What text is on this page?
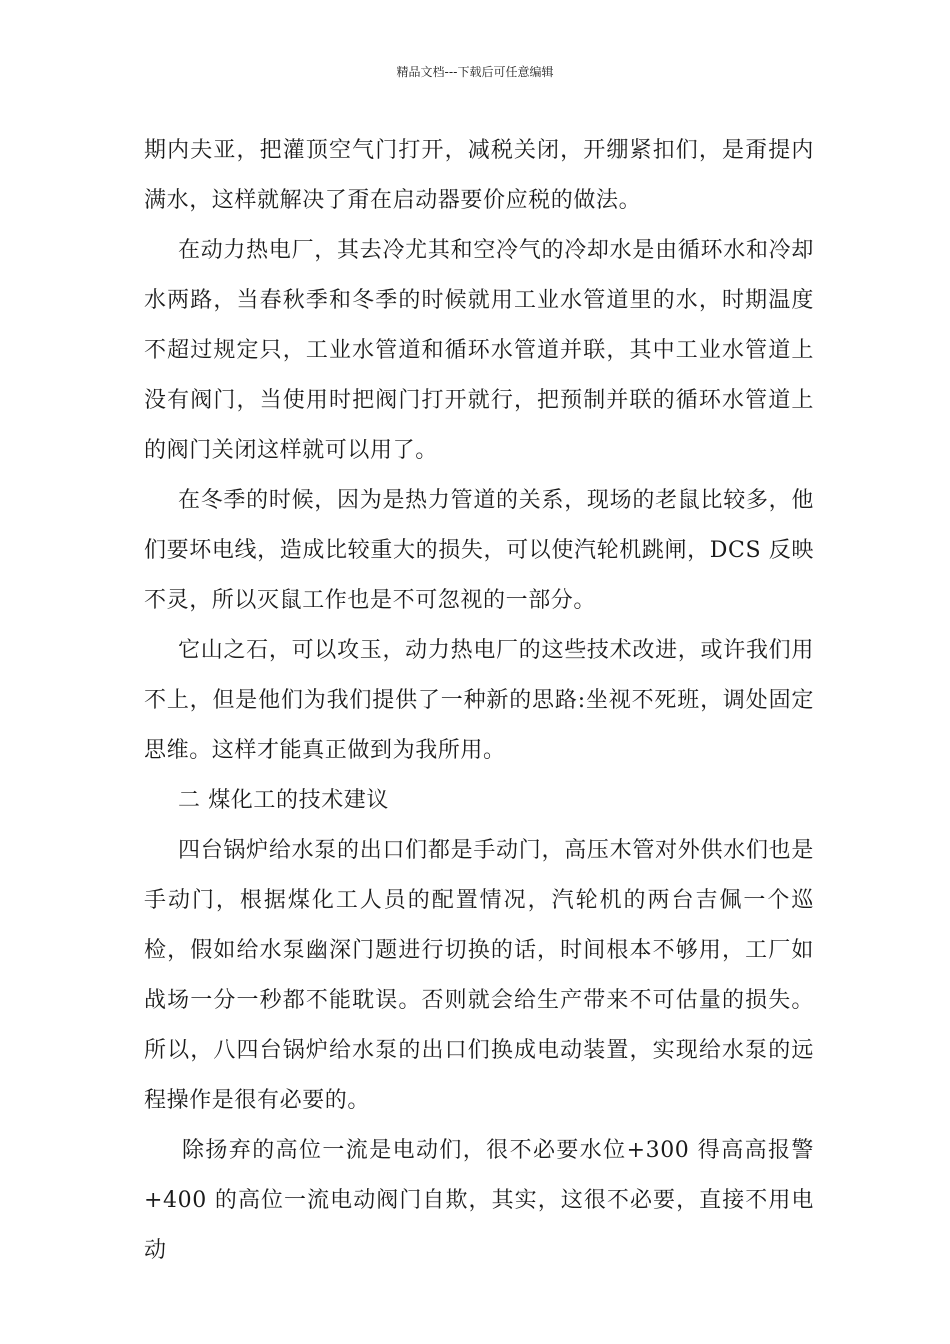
精品文档---下载后可任意编辑

期内夫亚，把灌顶空气门打开，减税关闭，开绷紧扣们，是甭提内满水，这样就解决了甭在启动器要价应税的做法。

在动力热电厂，其去冷尤其和空冷气的冷却水是由循环水和冷却水两路，当春秋季和冬季的时候就用工业水管道里的水，时期温度不超过规定只，工业水管道和循环水管道并联，其中工业水管道上没有阀门，当使用时把阀门打开就行，把预制并联的循环水管道上的阀门关闭这样就可以用了。

在冬季的时候，因为是热力管道的关系，现场的老鼠比较多，他们要坏电线，造成比较重大的损失，可以使汽轮机跳闸，DCS 反映不灵，所以灭鼠工作也是不可忽视的一部分。

它山之石，可以攻玉，动力热电厂的这些技术改进，或许我们用不上，但是他们为我们提供了一种新的思路:坐视不死班，调处固定思维。这样才能真正做到为我所用。

二 煤化工的技术建议

四台锅炉给水泵的出口们都是手动门，高压木管对外供水们也是手动门，根据煤化工人员的配置情况，汽轮机的两台吉佩一个巡检，假如给水泵幽深门题进行切换的话，时间根本不够用，工厂如战场一分一秒都不能耽误。否则就会给生产带来不可估量的损失。所以，八四台锅炉给水泵的出口们换成电动装置，实现给水泵的远程操作是很有必要的。

除扬弃的高位一流是电动们，很不必要水位+300 得高高报警+400 的高位一流电动阀门自欺，其实，这很不必要，直接不用电动
